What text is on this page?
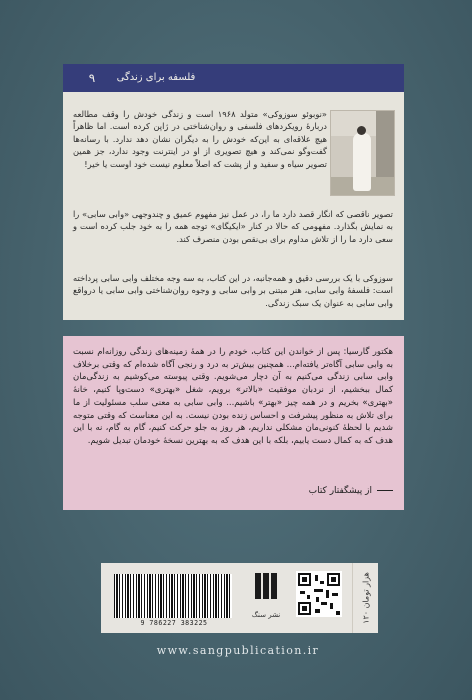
۹	فلسفه برای زندگی

«نوبوئو سوزوکی» متولد ۱۹۶۸ است و زندگی خودش را وقف مطالعه دربارهٔ رویکردهای فلسفی و روان‌شناختی در ژاپن کرده است. اما ظاهراً هیچ علاقه‌ای به این‌که خودش را به دیگران نشان دهد ندارد. با رسانه‌ها گفت‌وگو نمی‌کند و هیچ تصویری از او در اینترنت وجود ندارد، جز همین تصویر سیاه و سفید و از پشت که اصلاً معلوم نیست خود اوست یا خیر!

تصویر ناقصی که انگار قصد دارد ما را، در عمل نیز مفهوم عمیق و چندوجهی «وابی سابی» را به نمایش بگذارد. مفهومی که حالا در کنار «ایکیگای» توجه همه را به خود جلب کرده است و سعی دارد ما را از تلاش مداوم برای بی‌نقص بودن منصرف کند.

سوزوکی با یک بررسی دقیق و همه‌جانبه، در این کتاب، به سه وجه مختلف وابی سابی پرداخته است: فلسفهٔ وابی سابی، هنر مبتنی بر وابی سابی و وجوه روان‌شناختی وابی سابی یا درواقع وابی سابی به عنوان یک سبک زندگی.

هکتور گارسیا: پس از خواندن این کتاب، خودم را در همهٔ زمینه‌های زندگی روزانه‌ام نسبت به وابی سابی آگاه‌تر یافته‌ام... همچنین بیش‌تر به درد و رنجی آگاه شده‌ام که وقتی برخلاف وابی سابی زندگی می‌کنیم به آن دچار می‌شویم. وقتی پیوسته می‌کوشیم به زندگی‌مان کمال ببخشیم، از نردبان موفقیت «بالاتر» برویم، شغل «بهتری» دست‌وپا کنیم، خانهٔ «بهتری» بخریم و در همه چیز «بهتر» باشیم... وابی سابی به معنی سلب مسئولیت از ما برای تلاش به منظور پیشرفت و احساس زنده بودن نیست. به این معناست که وقتی متوجه شدیم با لحظهٔ کنونی‌مان مشکلی نداریم، هر روز به جلو حرکت کنیم، گام به گام، نه با این هدف که به کمال دست یابیم، بلکه با این هدف که به بهترین نسخهٔ خودمان تبدیل شویم.

از پیشگفتار کتاب

۱۲۰ هزار تومان
نشر سنگ
9 786227 383225
www.sangpublication.ir
